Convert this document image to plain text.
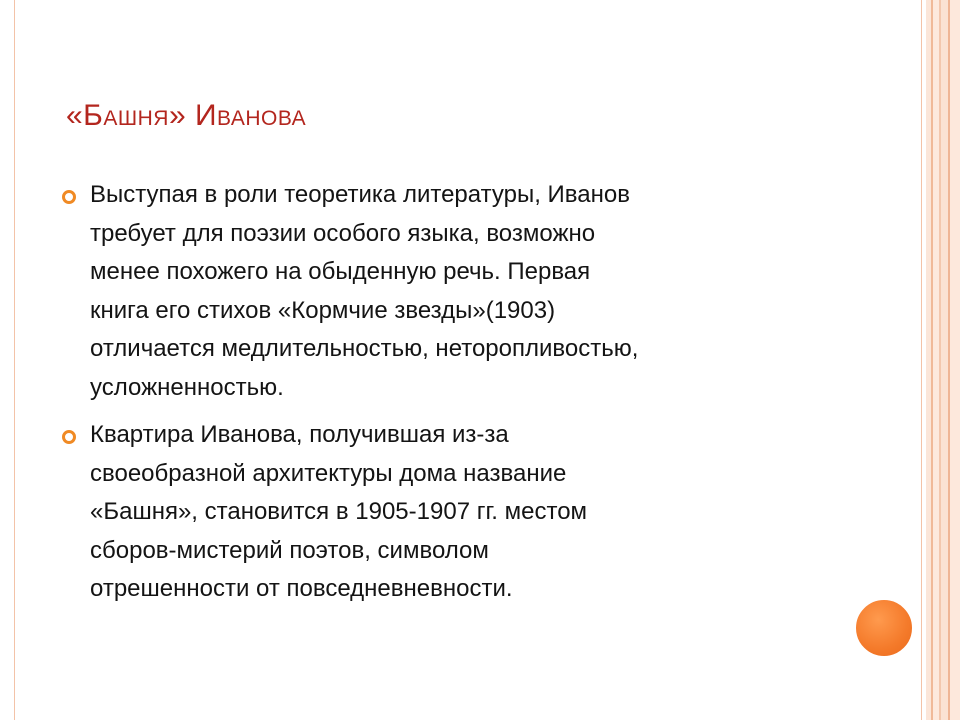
«Башня» Иванова
Выступая в роли теоретика литературы, Иванов
требует для поэзии особого языка, возможно
менее похожего на обыденную речь. Первая
книга его стихов «Кормчие звезды»(1903)
отличается медлительностью, неторопливостью,
усложненностью.
Квартира Иванова, получившая из-за
своеобразной архитектуры дома название
«Башня», становится в 1905-1907 гг. местом
сборов-мистерий поэтов, символом
отрешенности от повседневневности.
